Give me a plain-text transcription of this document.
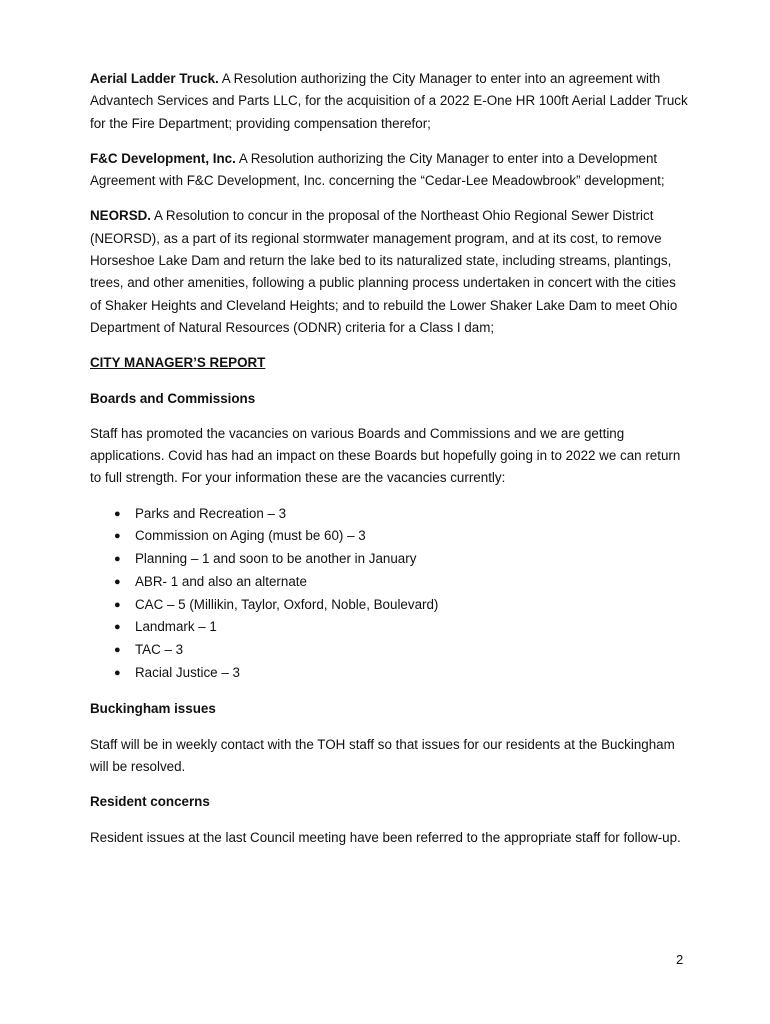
Aerial Ladder Truck. A Resolution authorizing the City Manager to enter into an agreement with Advantech Services and Parts LLC, for the acquisition of a 2022 E-One HR 100ft Aerial Ladder Truck for the Fire Department; providing compensation therefor;

F&C Development, Inc. A Resolution authorizing the City Manager to enter into a Development Agreement with F&C Development, Inc. concerning the “Cedar-Lee Meadowbrook” development;

NEORSD. A Resolution to concur in the proposal of the Northeast Ohio Regional Sewer District (NEORSD), as a part of its regional stormwater management program, and at its cost, to remove Horseshoe Lake Dam and return the lake bed to its naturalized state, including streams, plantings, trees, and other amenities, following a public planning process undertaken in concert with the cities of Shaker Heights and Cleveland Heights; and to rebuild the Lower Shaker Lake Dam to meet Ohio Department of Natural Resources (ODNR) criteria for a Class I dam;

CITY MANAGER’S REPORT

Boards and Commissions

Staff has promoted the vacancies on various Boards and Commissions and we are getting applications. Covid has had an impact on these Boards but hopefully going in to 2022 we can return to full strength. For your information these are the vacancies currently:

● Parks and Recreation – 3
● Commission on Aging (must be 60) – 3
● Planning – 1 and soon to be another in January
● ABR- 1 and also an alternate
● CAC – 5 (Millikin, Taylor, Oxford, Noble, Boulevard)
● Landmark – 1
● TAC – 3
● Racial Justice – 3

Buckingham issues

Staff will be in weekly contact with the TOH staff so that issues for our residents at the Buckingham will be resolved.

Resident concerns

Resident issues at the last Council meeting have been referred to the appropriate staff for follow-up.

2
